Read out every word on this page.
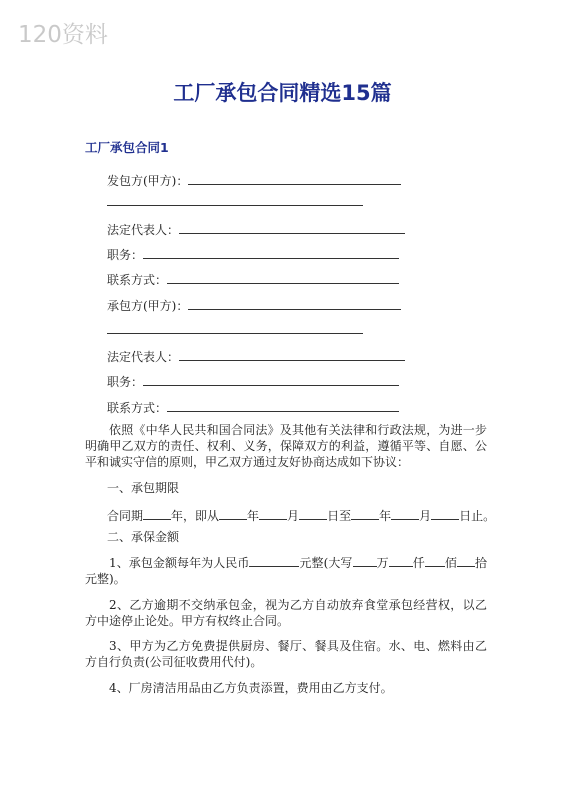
120资料
工厂承包合同精选15篇
工厂承包合同1
发包方(甲方)：
法定代表人：
职务：
联系方式：
承包方(甲方)：
法定代表人：
职务：
联系方式：
依照《中华人民共和国合同法》及其他有关法律和行政法规，为进一步明确甲乙双方的责任、权利、义务，保障双方的利益，遵循平等、自愿、公平和诚实守信的原则，甲乙双方通过友好协商达成如下协议：
一、承包期限
合同期 年，即从 年 月 日至 年 月 日止。
二、承保金额
1、承包金额每年为人民币	元整(大写 万 仟 佰 拾元整)。
2、乙方逾期不交纳承包金，视为乙方自动放弃食堂承包经营权，以乙方中途停止论处。甲方有权终止合同。
3、甲方为乙方免费提供厨房、餐厅、餐具及住宿。水、电、燃料由乙方自行负责(公司征收费用代付)。
4、厂房清洁用品由乙方负责添置，费用由乙方支付。
